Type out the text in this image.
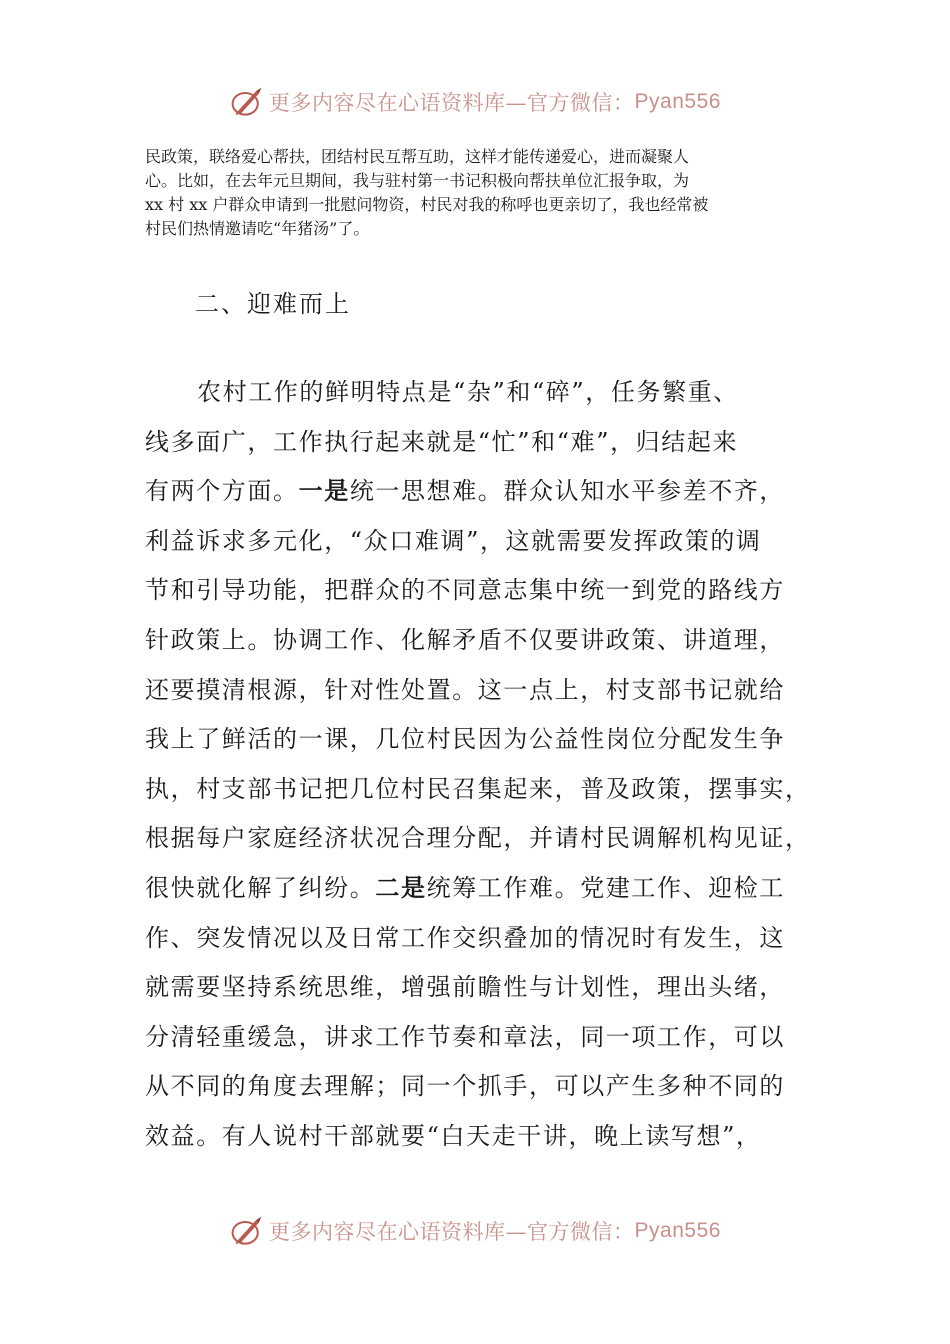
更多内容尽在心语资料库—官方微信： Pyan556
民政策，联络爱心帮扶，团结村民互帮互助，这样才能传递爱心，进而凝聚人
心。比如，在去年元旦期间，我与驻村第一书记积极向帮扶单位汇报争取，为
xx 村 xx 户群众申请到一批慰问物资，村民对我的称呼也更亲切了，我也经常被
村民们热情邀请吃“年猪汤”了。
二、迎难而上
农村工作的鲜明特点是“杂”和“碎”，任务繁重、
线多面广，工作执行起来就是“忙”和“难”，归结起来
有两个方面。一是统一思想难。群众认知水平参差不齐，
利益诉求多元化，“众口难调”，这就需要发挥政策的调
节和引导功能，把群众的不同意志集中统一到党的路线方
针政策上。协调工作、化解矛盾不仅要讲政策、讲道理，
还要摸清根源，针对性处置。这一点上，村支部书记就给
我上了鲜活的一课，几位村民因为公益性岗位分配发生争
执，村支部书记把几位村民召集起来，普及政策，摆事实，
根据每户家庭经济状况合理分配，并请村民调解机构见证，
很快就化解了纠纷。二是统筹工作难。党建工作、迎检工
作、突发情况以及日常工作交织叠加的情况时有发生，这
就需要坚持系统思维，增强前瞻性与计划性，理出头绪，
分清轻重缓急，讲求工作节奏和章法，同一项工作，可以
从不同的角度去理解；同一个抓手，可以产生多种不同的
效益。有人说村干部就要“白天走干讲，晚上读写想”，
更多内容尽在心语资料库—官方微信： Pyan556
